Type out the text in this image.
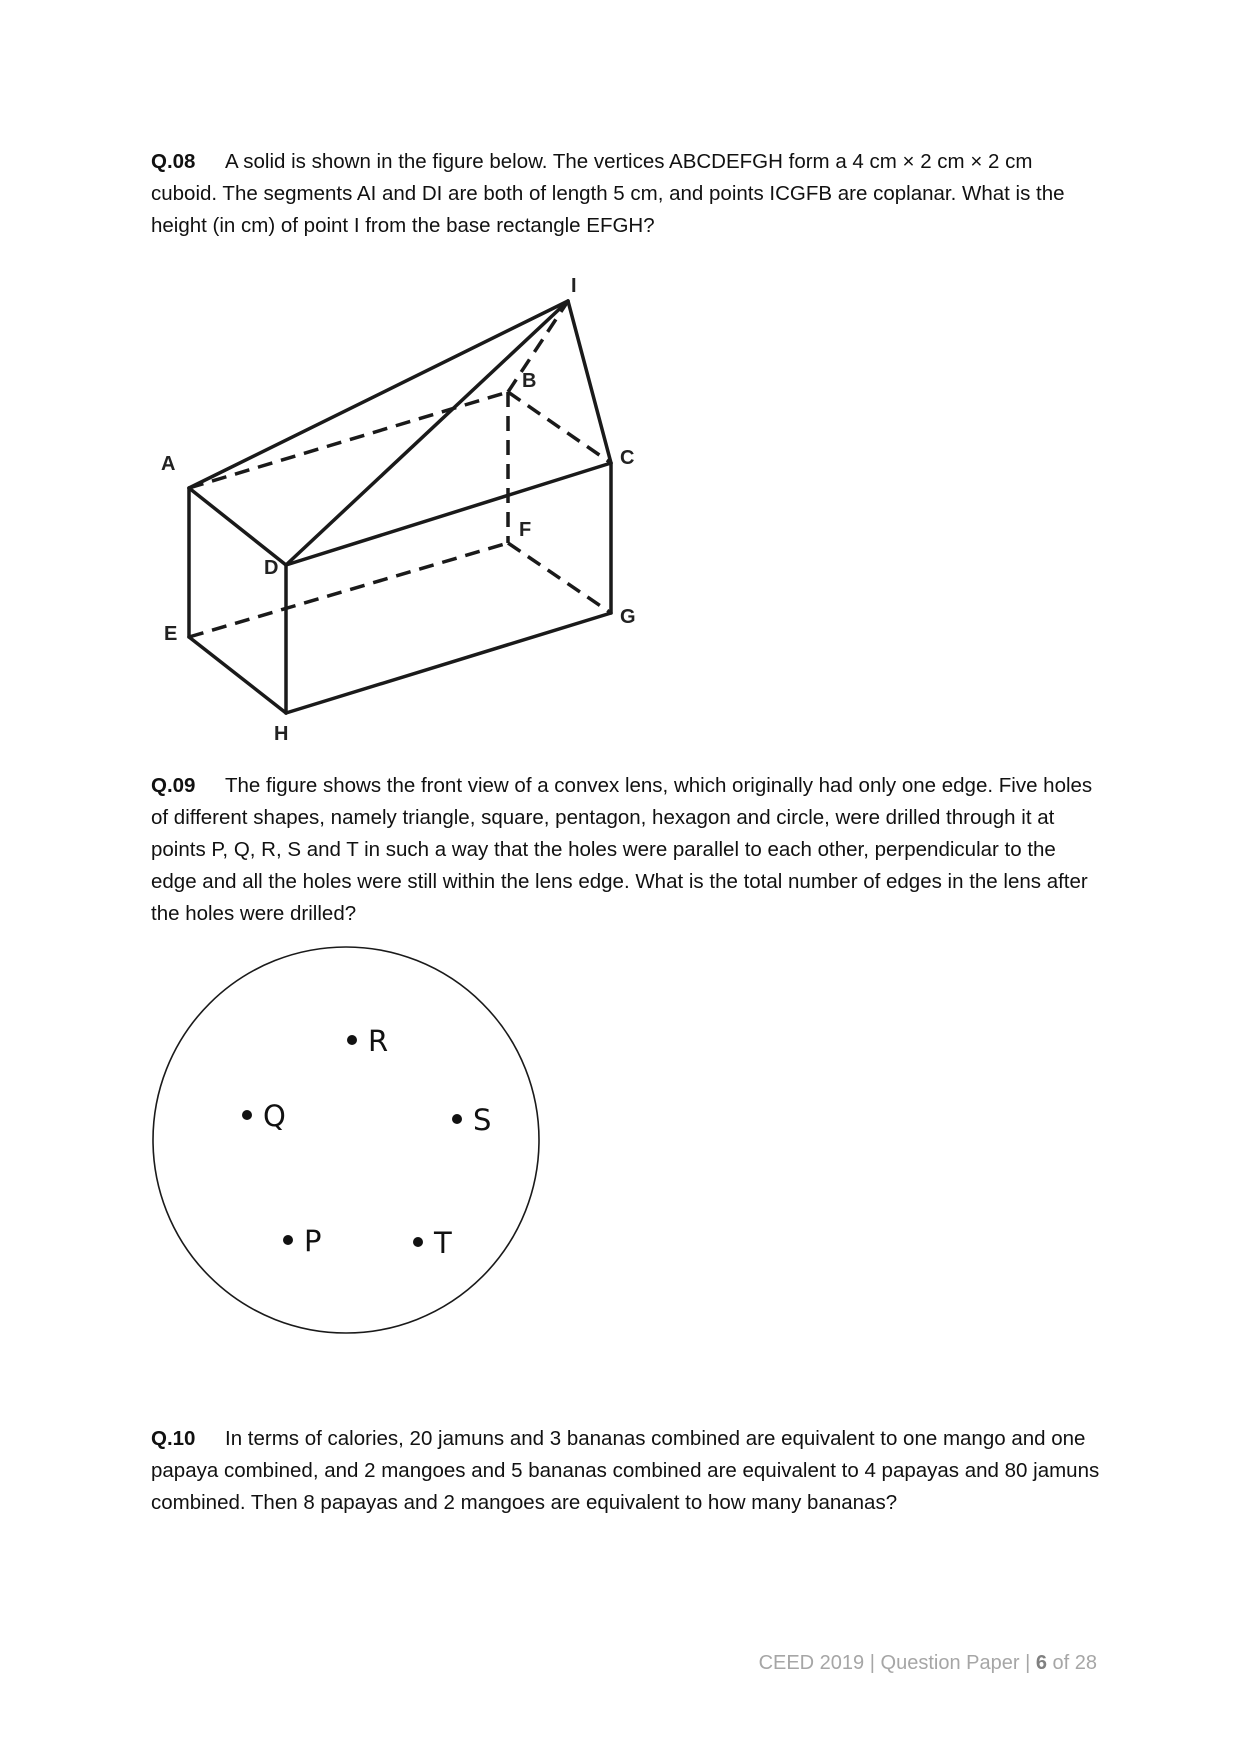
Q.08 A solid is shown in the figure below. The vertices ABCDEFGH form a 4 cm × 2 cm × 2 cm cuboid. The segments AI and DI are both of length 5 cm, and points ICGFB are coplanar. What is the height (in cm) of point I from the base rectangle EFGH?

I
B
A	C
F
D
E
G
H

Q.09 The figure shows the front view of a convex lens, which originally had only one edge. Five holes of different shapes, namely triangle, square, pentagon, hexagon and circle, were drilled through it at points P, Q, R, S and T in such a way that the holes were parallel to each other, perpendicular to the edge and all the holes were still within the lens edge. What is the total number of edges in the lens after the holes were drilled?

R
Q	S
P	T

Q.10 In terms of calories, 20 jamuns and 3 bananas combined are equivalent to one mango and one papaya combined, and 2 mangoes and 5 bananas combined are equivalent to 4 papayas and 80 jamuns combined. Then 8 papayas and 2 mangoes are equivalent to how many bananas?

CEED 2019 | Question Paper | 6 of 28
